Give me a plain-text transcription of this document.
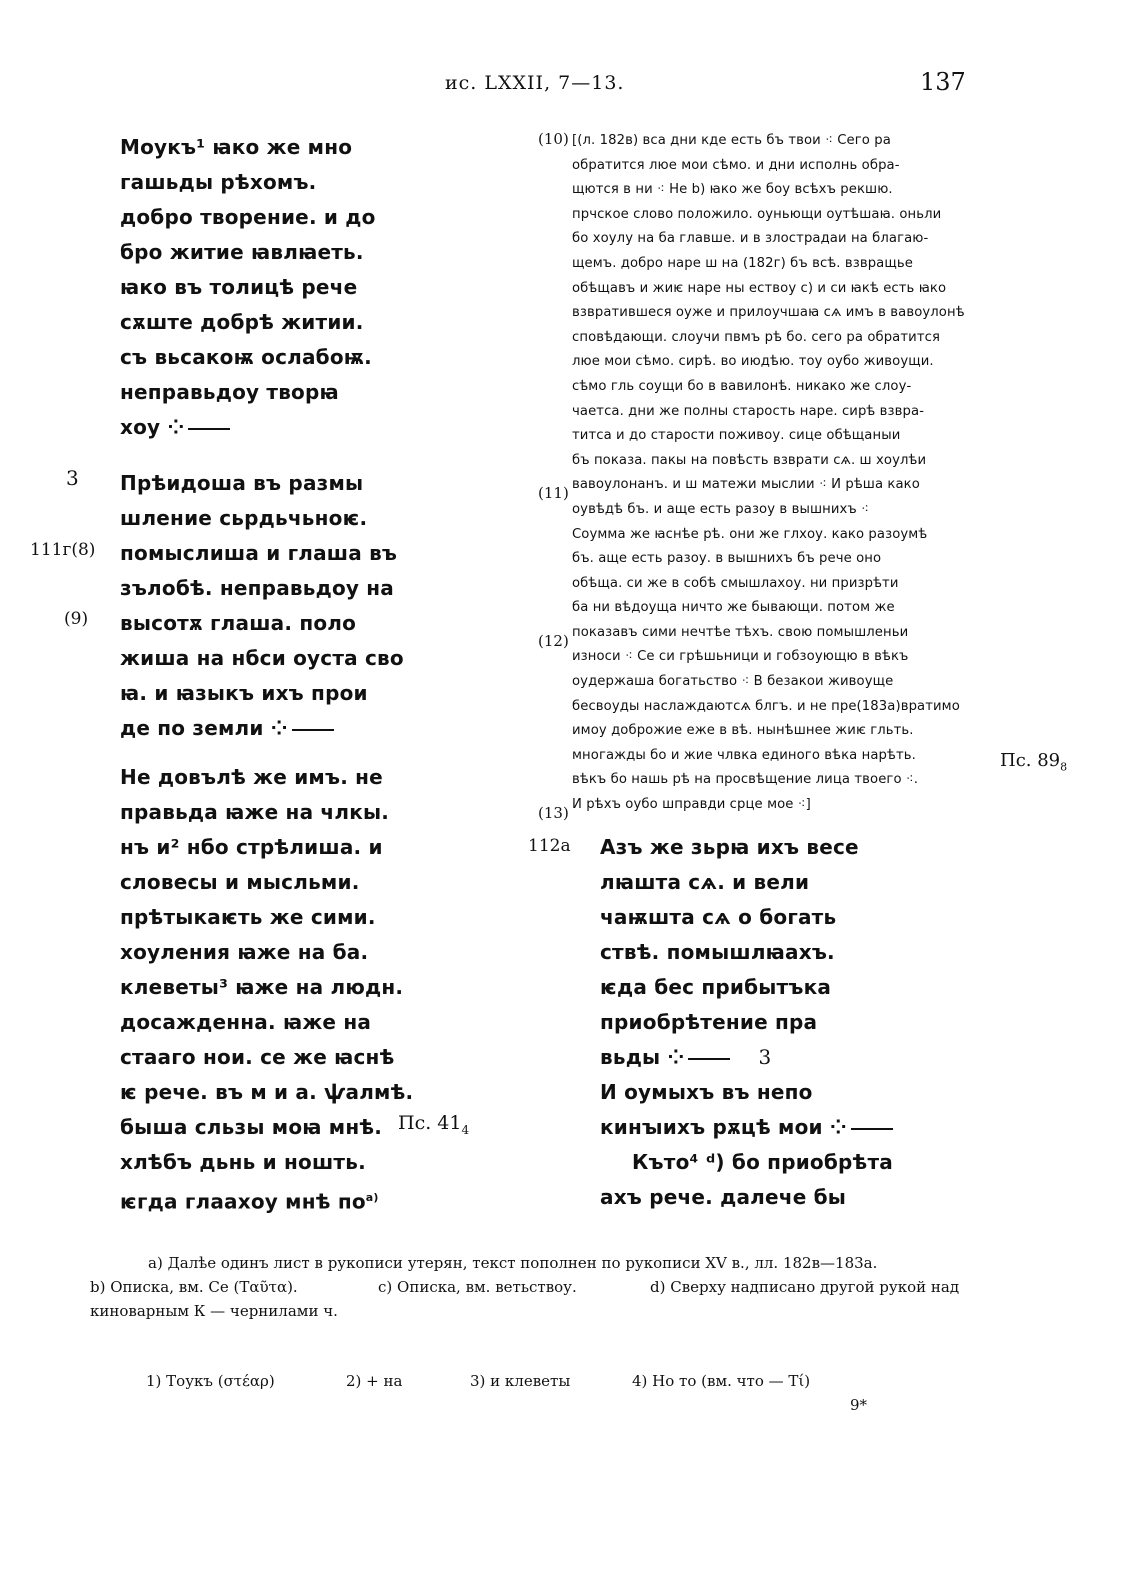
ис. LXXII, 7—13.	137
Моукъ¹ ꙗко же мно
гашьды рѣхомъ.
добро творение. и до
бро житие ꙗвлꙗеть.
ꙗко въ толицѣ рече
сѫште добрѣ житии.
съ вьсакоѭ ослабоѭ.
неправьдоу творꙗ
хоу ⁘
3
111г(8)
(9)
Прѣидоша въ размы
шление сьрдьчьноѥ.
помыслиша и глаша въ
зълобѣ. неправьдоу на
высотѫ глаша. поло
жиша на нбси оуста сво
ꙗ. и ꙗзыкъ ихъ прои
де по земли ⁘
Не довълѣ же имъ. не
правьда ꙗже на члкы.
нъ и² нбо стрѣлиша. и
словесы и мысльми.
прѣтыкаѥть же сими.
хоуления ꙗже на ба.
клеветы³ ꙗже на людн.
досажденна. ꙗже на
стааго нои. се же ꙗснѣ
ѥ рече. въ м и а. ѱалмѣ.
быша сльзы моꙗ мнѣ.
хлѣбъ дьнь и ношть.
ѥгда глаахоу мнѣ $по^{a)}$
Пс. $41_4$
(10)
(11)
(12)
(13)
[(л. 182в) вса дни кде есть бъ твои ⁖ Сего ра
обратится люе мои сѣмо. и дни исполнь обра-
щются в ни ⁖ Не b) ꙗко же боу всѣхъ рекшю.
прчское слово положило. оуньющи оутѣшаꙗ. оньли
бо хоулу на ба главше. и в злострадаи на благаю-
щемъ. добро наре ш на (182г) бъ всѣ. взвращье
обѣщавъ и жиѥ наре ны ествоу c) и си ꙗкѣ есть ꙗко
взвратившеся оуже и прилоучшаꙗ сѧ имъ в вавоулонѣ
сповѣдающи. слоучи пвмъ рѣ бо. сего ра обратится
люе мои сѣмо. сирѣ. во июдѣю. тоу оубо живоущи.
сѣмо гль соущи бо в вавилонѣ. никако же слоу-
чаетса. дни же полны старость наре. сирѣ взвра-
титса и до старости поживоу. сице обѣщаныи
бъ показа. пакы на повѣсть взврати сѧ. ш хоулѣи
вавоулонанъ. и ш матежи мыслии ⁖ И рѣша како
оувѣдѣ бъ. и аще есть разоу в вышнихъ ⁖
Соумма же ꙗснѣе рѣ. они же глхоу. како разоумѣ
бъ. аще есть разоу. в вышнихъ бъ рече оно
обѣща. си же в собѣ смышлахоу. ни призрѣти
ба ни вѣдоуща ничто же бывающи. потом же
показавъ сими нечтѣе тѣхъ. свою помышленьи
износи ⁖ Се си грѣшьници и гобзоующю в вѣкъ
оудержаша богатьство ⁖ В безакои живоуще
бесвоуды наслаждаютсѧ блгъ. и не пре(183а)вратимо
имоу доброжие еже в вѣ. нынѣшнее жиѥ гльть.
многажды бо и жие члвка единого вѣка нарѣть.
вѣкъ бо нашь рѣ на просвѣщение лица твоего ⁖.
И рѣхъ оубо шправди срце мое ⁖]
Пс. $89_8$
112а Азъ же зьрꙗ ихъ весе
лꙗшта сѧ. и вели
чаѭшта сѧ о богать
ствѣ. помышлꙗахъ.
ѥда бес прибытъка
приобрѣтение пра
вьды ⁘	3
И оумыхъ въ непо
кинꙑихъ рѫцѣ мои ⁘
Къто⁴ ᵈ) бо приобрѣта
ахъ рече. далече бы
a) Далѣе одинъ лист в рукописи утерян, текст пополнен по рукописи XV в., лл. 182в—183а.
b) Описка, вм. Се (Ταῦτα).	c) Описка, вм. ветьствоу.	d) Сверху надписано другой рукой над
киноварным К — чернилами ч.
1) Тоукъ (στέαρ)	2) + на	3) и клеветы	4) Но то (вм. что — Τί)
9*
